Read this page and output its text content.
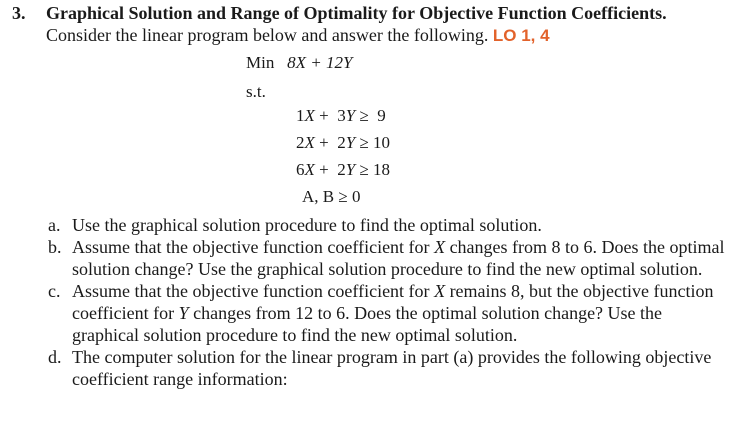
3. Graphical Solution and Range of Optimality for Objective Function Coefficients.
Consider the linear program below and answer the following. LO 1, 4
Min 8X + 12Y
s.t.
1X +  3Y ≥  9
2X +  2Y ≥ 10
6X +  2Y ≥ 18
A, B ≥ 0
a. Use the graphical solution procedure to find the optimal solution.
b. Assume that the objective function coefficient for X changes from 8 to 6. Does the optimal solution change? Use the graphical solution procedure to find the new optimal solution.
c. Assume that the objective function coefficient for X remains 8, but the objective function coefficient for Y changes from 12 to 6. Does the optimal solution change? Use the graphical solution procedure to find the new optimal solution.
d. The computer solution for the linear program in part (a) provides the following objective coefficient range information:
